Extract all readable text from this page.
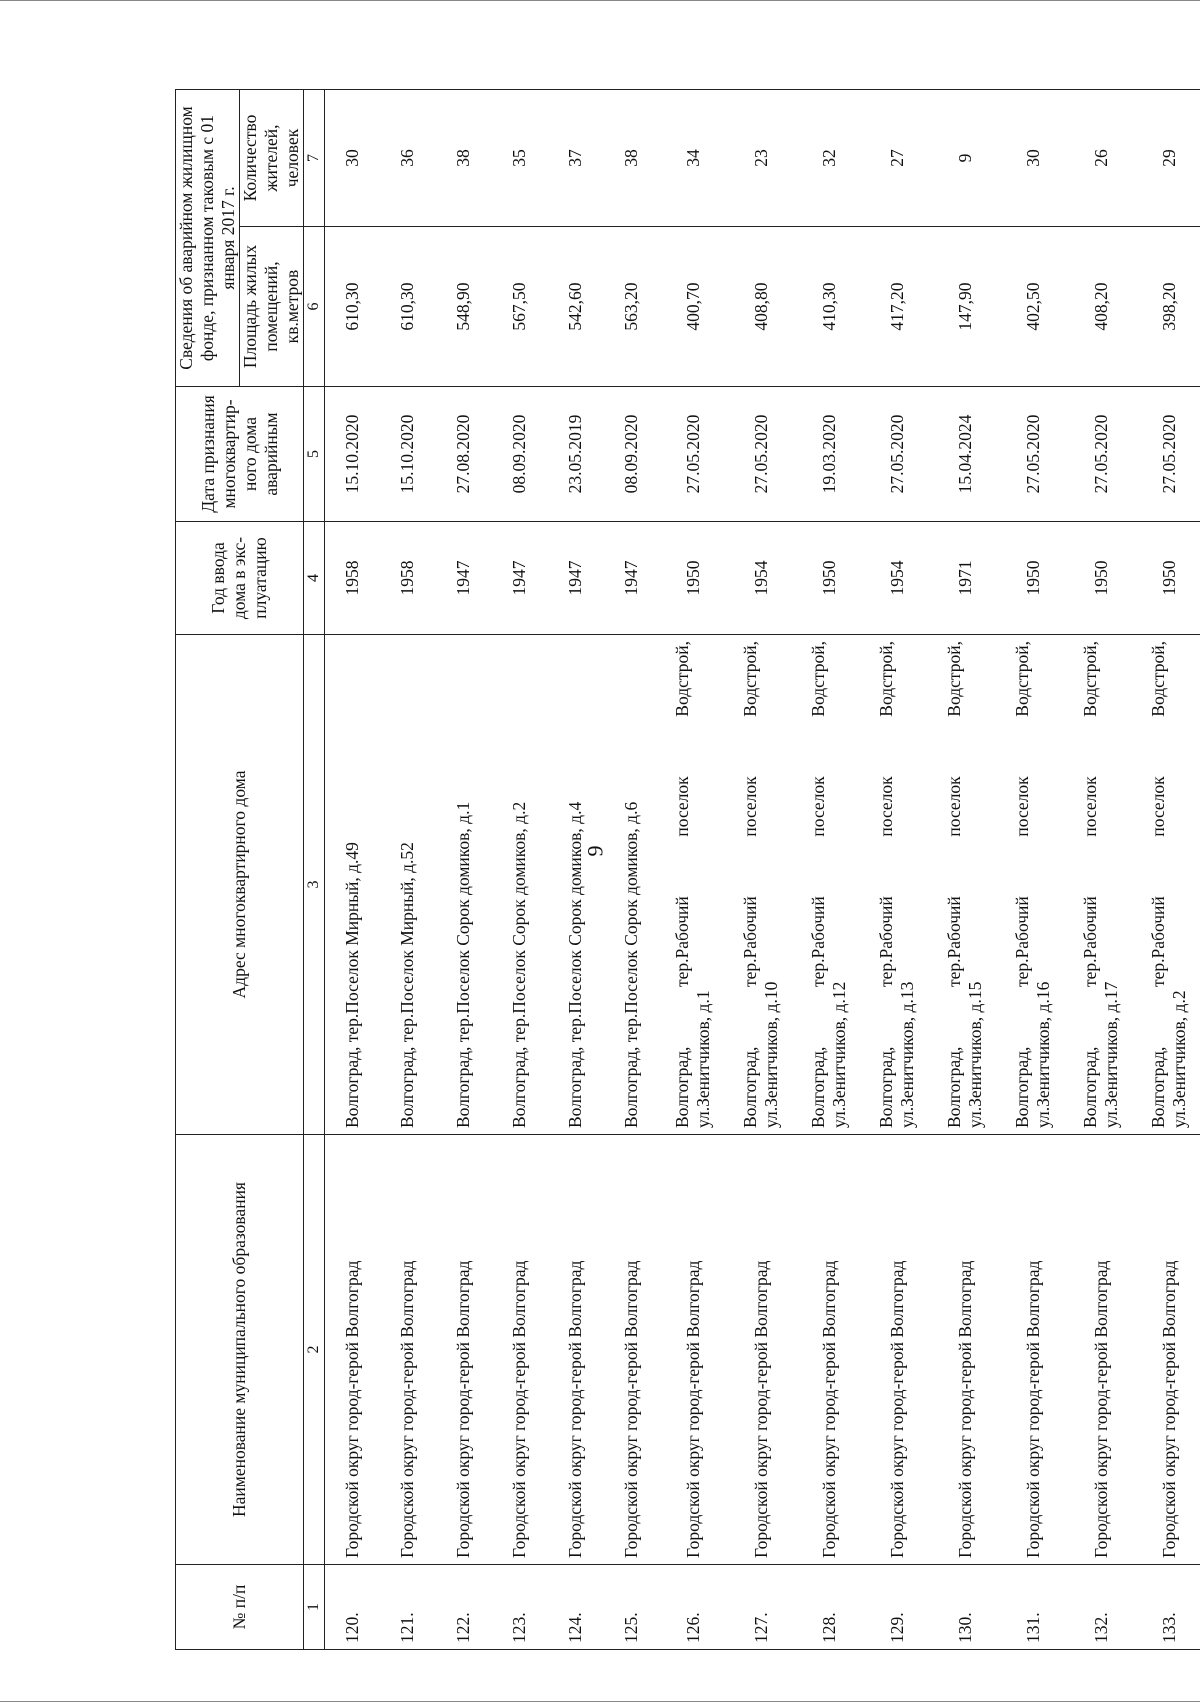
9
№ п/п	Наименование муниципального образования	Адрес многоквартирного дома	Год ввода дома в экс-плуатацию	Дата признания многоквартир-ного дома аварийным	Сведения об аварийном жилищном фонде, признанном таковым с 01 января 2017 г.	
					Площадь жилых помещений, кв.метров	Количество жителей, человек
1	2	3	4	5	6	7
120.	Городской округ город-герой Волгоград	Волгоград, тер.Поселок Мирный, д.49	1958	15.10.2020	610,30	30
121.	Городской округ город-герой Волгоград	Волгоград, тер.Поселок Мирный, д.52	1958	15.10.2020	610,30	36
122.	Городской округ город-герой Волгоград	Волгоград, тер.Поселок Сорок домиков, д.1	1947	27.08.2020	548,90	38
123.	Городской округ город-герой Волгоград	Волгоград, тер.Поселок Сорок домиков, д.2	1947	08.09.2020	567,50	35
124.	Городской округ город-герой Волгоград	Волгоград, тер.Поселок Сорок домиков, д.4	1947	23.05.2019	542,60	37
125.	Городской округ город-герой Волгоград	Волгоград, тер.Поселок Сорок домиков, д.6	1947	08.09.2020	563,20	38
126.	Городской округ город-герой Волгоград	Волгоград, тер.Рабочий поселок Водстрой, ул.Зенитчиков, д.1	1950	27.05.2020	400,70	34
127.	Городской округ город-герой Волгоград	Волгоград, тер.Рабочий поселок Водстрой, ул.Зенитчиков, д.10	1954	27.05.2020	408,80	23
128.	Городской округ город-герой Волгоград	Волгоград, тер.Рабочий поселок Водстрой, ул.Зенитчиков, д.12	1950	19.03.2020	410,30	32
129.	Городской округ город-герой Волгоград	Волгоград, тер.Рабочий поселок Водстрой, ул.Зенитчиков, д.13	1954	27.05.2020	417,20	27
130.	Городской округ город-герой Волгоград	Волгоград, тер.Рабочий поселок Водстрой, ул.Зенитчиков, д.15	1971	15.04.2024	147,90	9
131.	Городской округ город-герой Волгоград	Волгоград, тер.Рабочий поселок Водстрой, ул.Зенитчиков, д.16	1950	27.05.2020	402,50	30
132.	Городской округ город-герой Волгоград	Волгоград, тер.Рабочий поселок Водстрой, ул.Зенитчиков, д.17	1950	27.05.2020	408,20	26
133.	Городской округ город-герой Волгоград	Волгоград, тер.Рабочий поселок Водстрой, ул.Зенитчиков, д.2	1950	27.05.2020	398,20	29
